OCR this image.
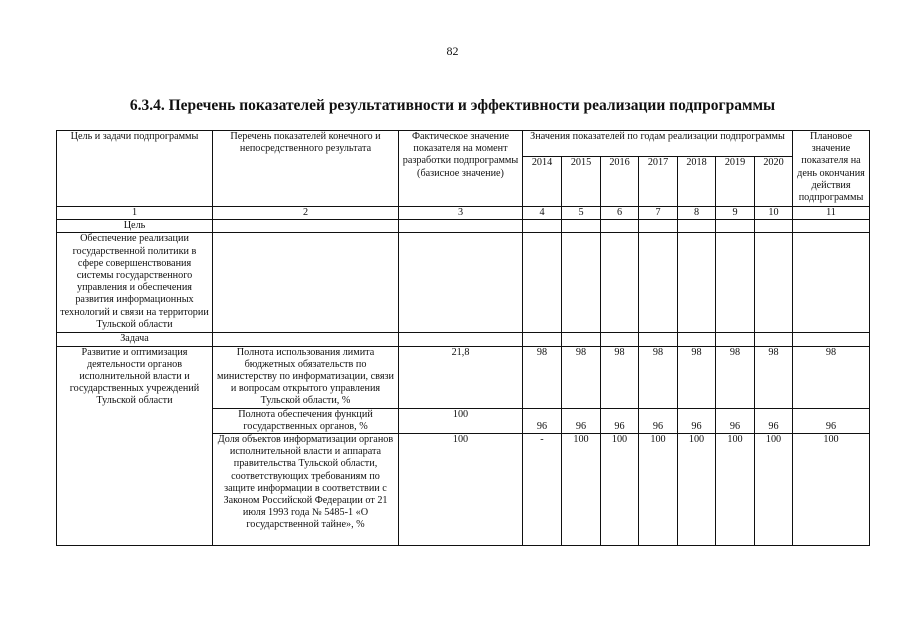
82
6.3.4. Перечень показателей результативности и эффективности реализации подпрограммы
Цель и задачи подпрограммы	Перечень показателей конечного и непосредственного результата	Фактическое значение показателя на момент разработки подпрограммы (базисное значение)	Значения показателей по годам реализации подпрограммы							Плановое значение показателя на день окончания действия подпрограммы
			2014	2015	2016	2017	2018	2019	2020	
1	2	3	4	5	6	7	8	9	10	11
Цель										
Обеспечение реализации государственной политики в сфере совершенствования системы государственного управления и обеспечения развития информационных технологий и связи на территории Тульской области										
Задача										
Развитие и оптимизация деятельности органов исполнительной власти и государственных учреждений Тульской области	Полнота использования лимита бюджетных обязательств по министерству по информатизации, связи и вопросам открытого управления Тульской области, %	21,8	98	98	98	98	98	98	98	98
	Полнота обеспечения функций государственных органов, %	100	96	96	96	96	96	96	96	96
	Доля объектов информатизации органов исполнительной власти и аппарата правительства Тульской области, соответствующих требованиям по защите информации в соответствии с Законом Российской Федерации от 21 июля 1993 года № 5485-1 «О государственной тайне», %	100	-	100	100	100	100	100	100	100
